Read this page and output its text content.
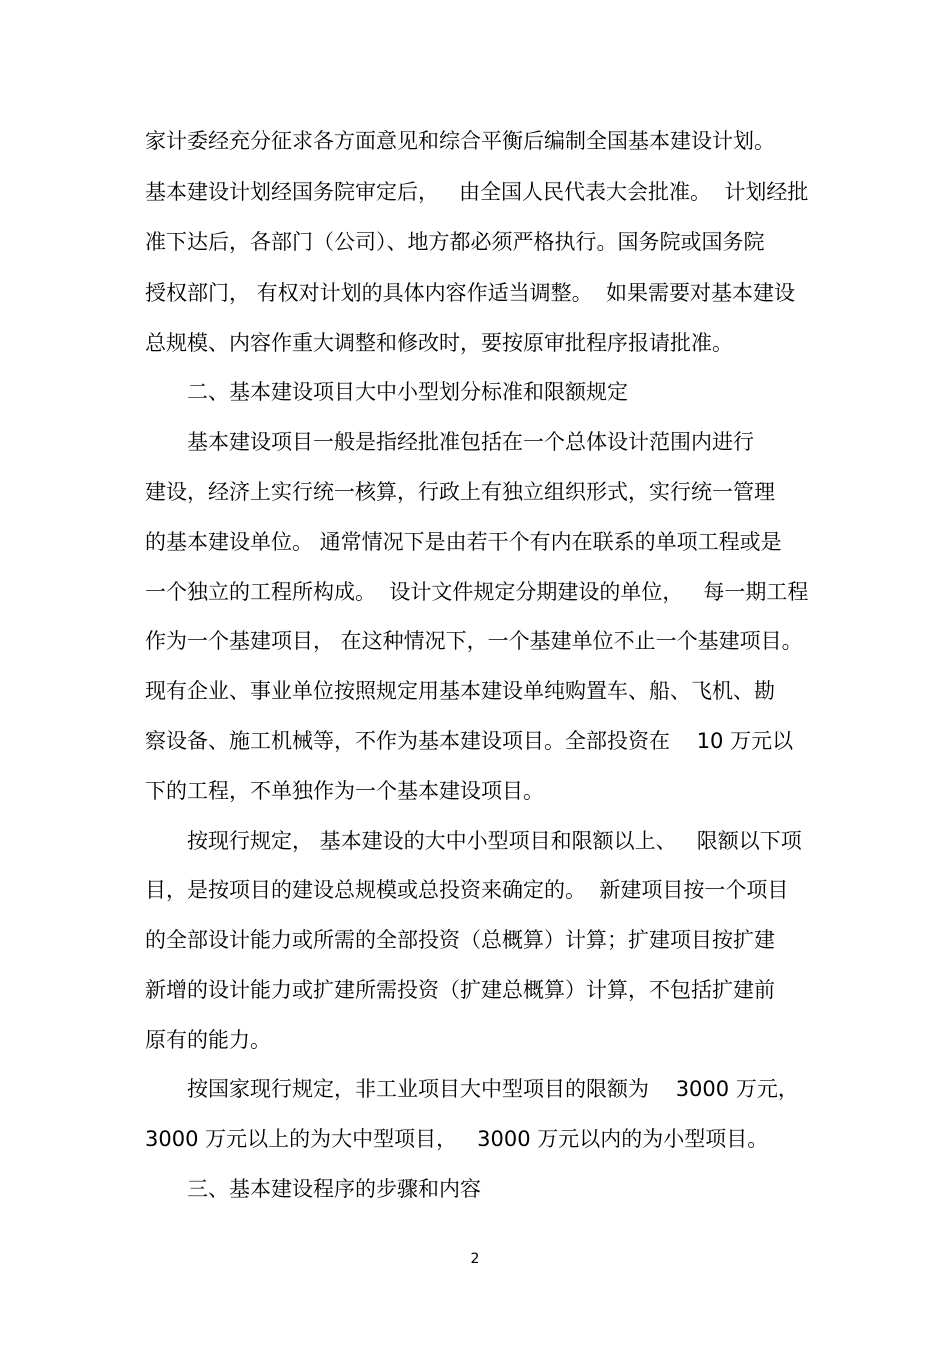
家计委经充分征求各方面意见和综合平衡后编制全国基本建设计划。
基本建设计划经国务院审定后，   由全国人民代表大会批准。  计划经批
准下达后，各部门（公司）、地方都必须严格执行。国务院或国务院
授权部门， 有权对计划的具体内容作适当调整。  如果需要对基本建设
总规模、内容作重大调整和修改时，要按原审批程序报请批准。
二、基本建设项目大中小型划分标准和限额规定
基本建设项目一般是指经批准包括在一个总体设计范围内进行
建设，经济上实行统一核算，行政上有独立组织形式，实行统一管理
的基本建设单位。 通常情况下是由若干个有内在联系的单项工程或是
一个独立的工程所构成。  设计文件规定分期建设的单位，   每一期工程
作为一个基建项目， 在这种情况下，一个基建单位不止一个基建项目。
现有企业、事业单位按照规定用基本建设单纯购置车、船、飞机、勘
察设备、施工机械等，不作为基本建设项目。全部投资在    10 万元以
下的工程，不单独作为一个基本建设项目。
按现行规定， 基本建设的大中小型项目和限额以上、   限额以下项
目，是按项目的建设总规模或总投资来确定的。  新建项目按一个项目
的全部设计能力或所需的全部投资（总概算）计算；扩建项目按扩建
新增的设计能力或扩建所需投资（扩建总概算）计算，不包括扩建前
原有的能力。
按国家现行规定，非工业项目大中型项目的限额为    3000 万元，
3000 万元以上的为大中型项目，   3000 万元以内的为小型项目。
三、基本建设程序的步骤和内容
2
